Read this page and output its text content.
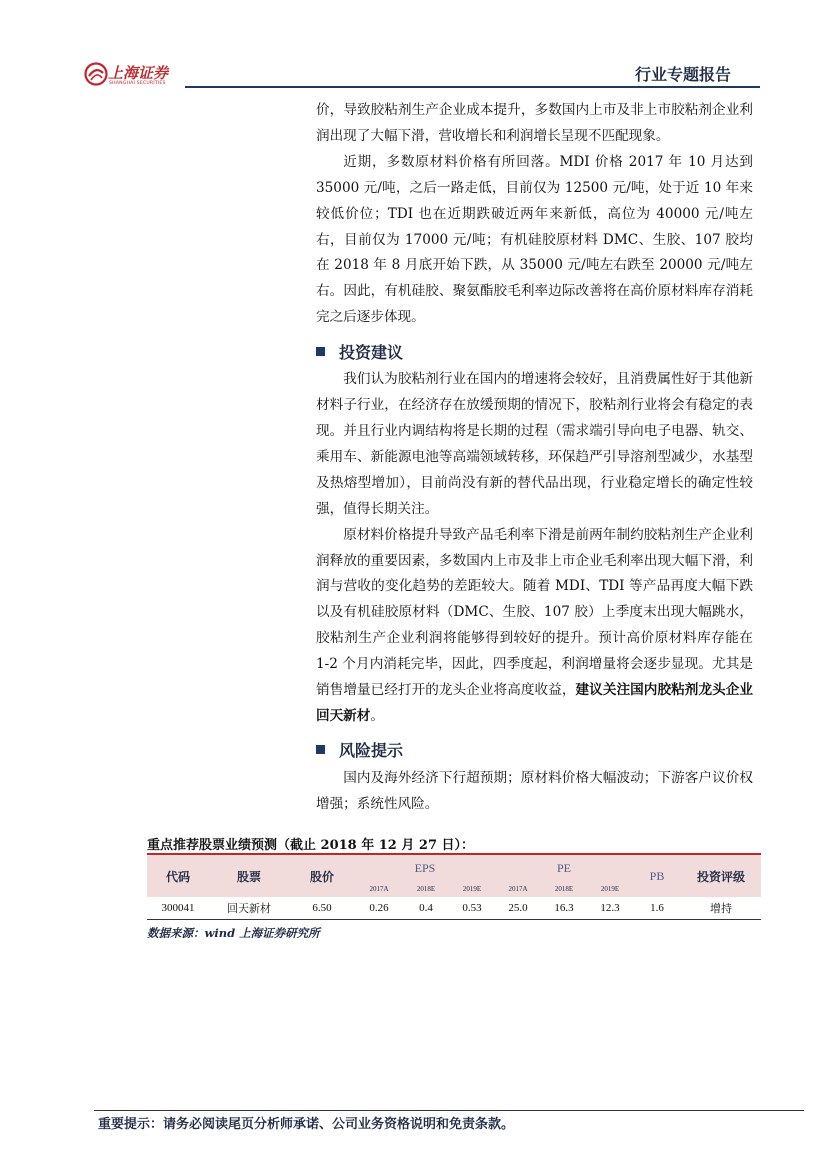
上海证券
SHANGHAI SECURITIES	行业专题报告

价，导致胶粘剂生产企业成本提升，多数国内上市及非上市胶粘剂企业利润出现了大幅下滑，营收增长和利润增长呈现不匹配现象。

近期，多数原材料价格有所回落。MDI 价格 2017 年 10 月达到 35000 元/吨，之后一路走低，目前仅为 12500 元/吨，处于近 10 年来较低价位；TDI 也在近期跌破近两年来新低，高位为 40000 元/吨左右，目前仅为 17000 元/吨；有机硅胶原材料 DMC、生胶、107 胶均在 2018 年 8 月底开始下跌，从 35000 元/吨左右跌至 20000 元/吨左右。因此，有机硅胶、聚氨酯胶毛利率边际改善将在高价原材料库存消耗完之后逐步体现。

投资建议

我们认为胶粘剂行业在国内的增速将会较好，且消费属性好于其他新材料子行业，在经济存在放缓预期的情况下，胶粘剂行业将会有稳定的表现。并且行业内调结构将是长期的过程（需求端引导向电子电器、轨交、乘用车、新能源电池等高端领域转移，环保趋严引导溶剂型减少，水基型及热熔型增加），目前尚没有新的替代品出现，行业稳定增长的确定性较强，值得长期关注。

原材料价格提升导致产品毛利率下滑是前两年制约胶粘剂生产企业利润释放的重要因素，多数国内上市及非上市企业毛利率出现大幅下滑，利润与营收的变化趋势的差距较大。随着 MDI、TDI 等产品再度大幅下跌以及有机硅胶原材料（DMC、生胶、107 胶）上季度末出现大幅跳水，胶粘剂生产企业利润将能够得到较好的提升。预计高价原材料库存能在 1-2 个月内消耗完毕，因此，四季度起，利润增量将会逐步显现。尤其是销售增量已经打开的龙头企业将高度收益，建议关注国内胶粘剂龙头企业回天新材。

风险提示

国内及海外经济下行超预期；原材料价格大幅波动；下游客户议价权增强；系统性风险。

重点推荐股票业绩预测（截止 2018 年 12 月 27 日）：
代码	股票	股价	EPS			PE			PB	投资评级
			2017A	2018E	2019E	2017A	2018E	2019E		
300041	回天新材	6.50	0.26	0.4	0.53	25.0	16.3	12.3	1.6	增持
数据来源：wind 上海证券研究所
重要提示：请务必阅读尾页分析师承诺、公司业务资格说明和免责条款。
